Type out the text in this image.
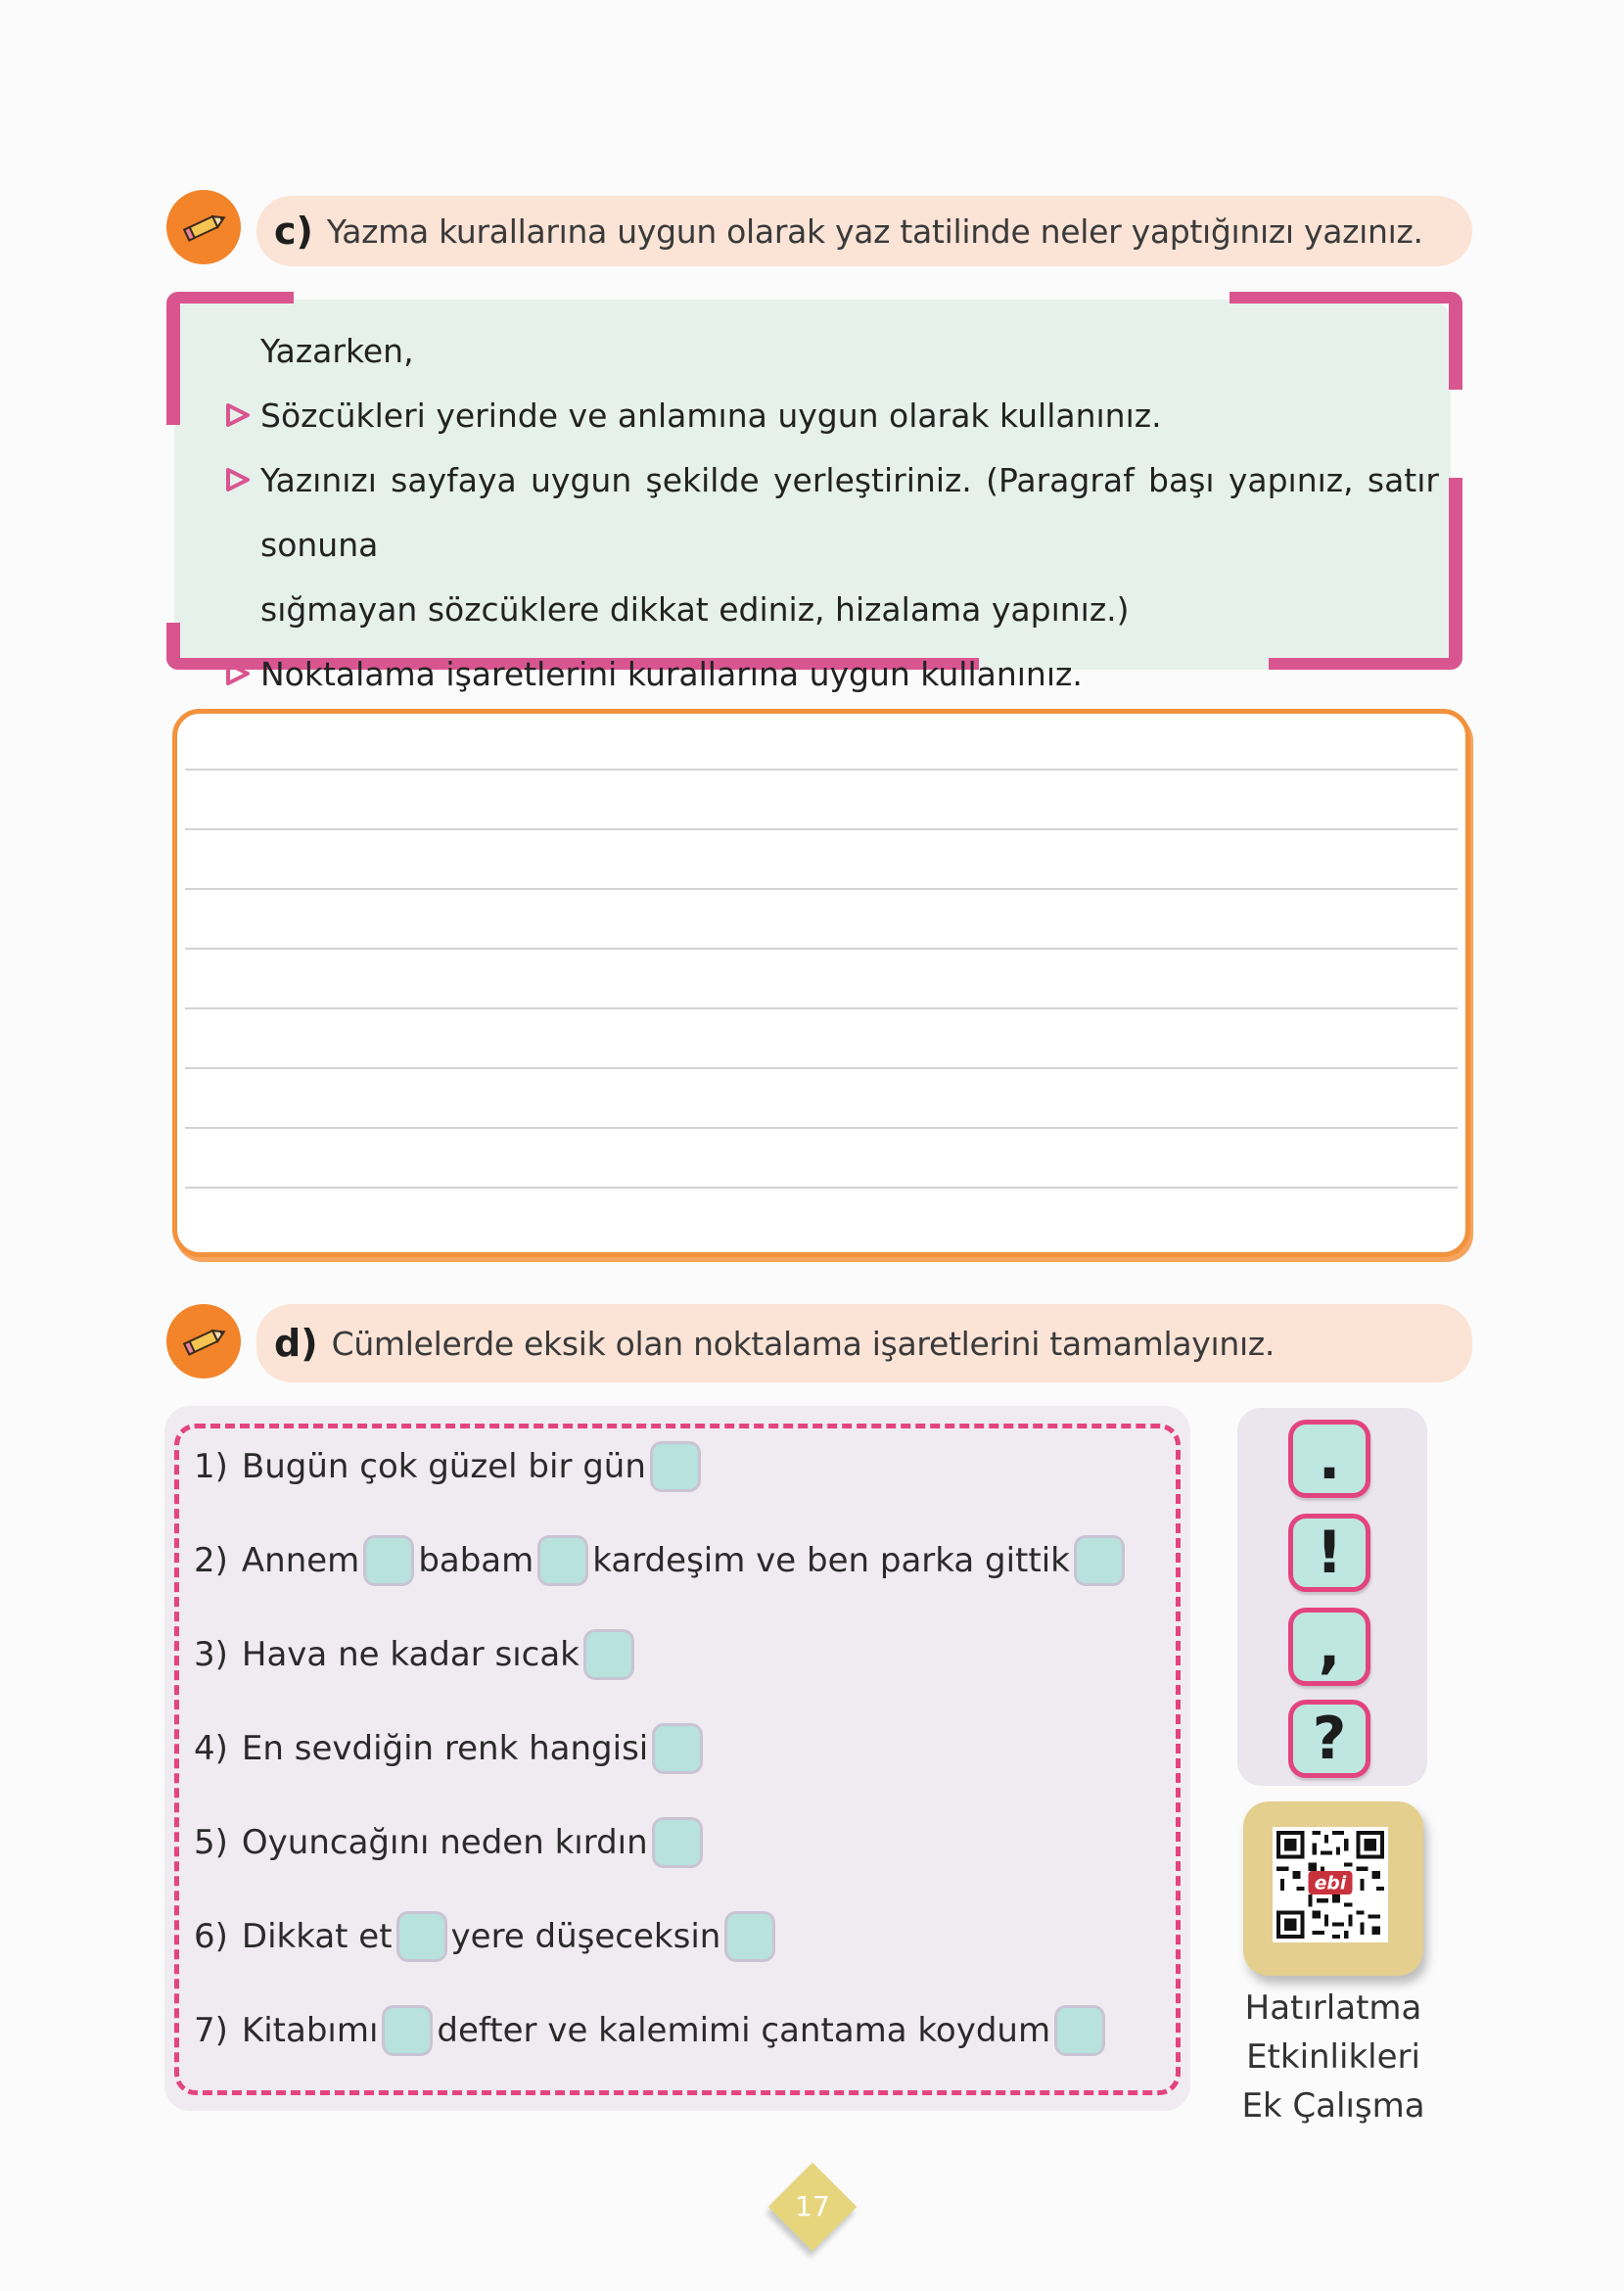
c) Yazma kurallarına uygun olarak yaz tatilinde neler yaptığınızı yazınız.
Yazarken,
Sözcükleri yerinde ve anlamına uygun olarak kullanınız.
Yazınızı sayfaya uygun şekilde yerleştiriniz. (Paragraf başı yapınız, satır sonuna
sığmayan sözcüklere dikkat ediniz, hizalama yapınız.)
Noktalama işaretlerini kurallarına uygun kullanınız.
d) Cümlelerde eksik olan noktalama işaretlerini tamamlayınız.
1) Bugün çok güzel bir gün
2) Annem babam kardeşim ve ben parka gittik
3) Hava ne kadar sıcak
4) En sevdiğin renk hangisi
5) Oyuncağını neden kırdın
6) Dikkat et yere düşeceksin
7) Kitabımı defter ve kalemimi çantama koydum
.
!
,
?
ebi
Hatırlatma
Etkinlikleri
Ek Çalışma
17
